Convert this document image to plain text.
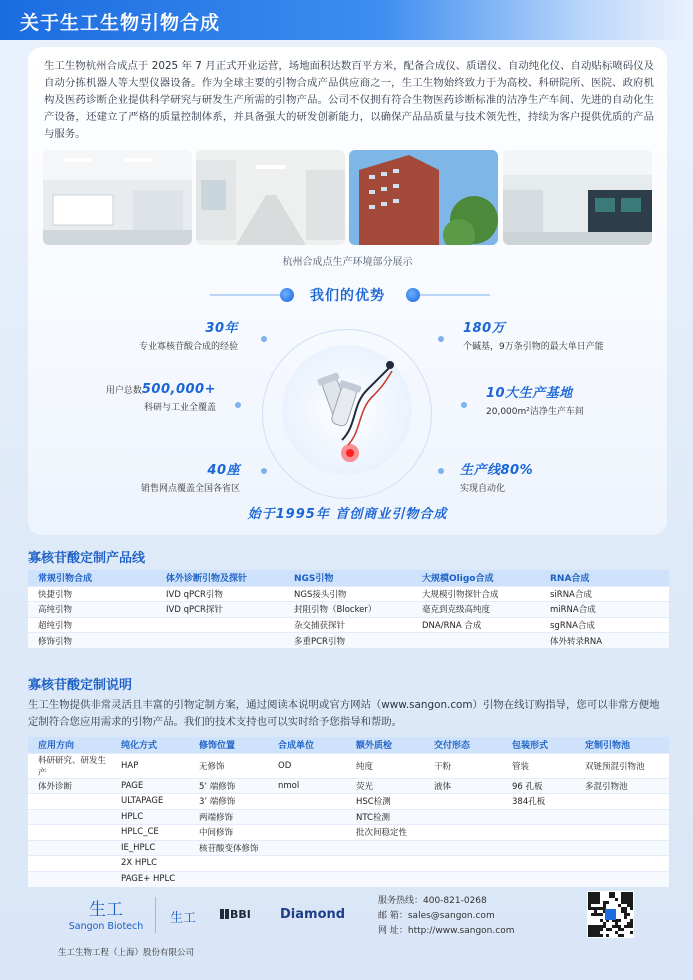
关于生工生物引物合成

生工生物杭州合成点于 2025 年 7 月正式开业运营，场地面积达数百平方米，配备合成仪、质谱仪、自动纯化仪、自动贴标喷码仪及自动分拣机器人等大型仪器设备。作为全球主要的引物合成产品供应商之一，生工生物始终致力于为高校、科研院所、医院、政府机构及医药诊断企业提供科学研究与研发生产所需的引物产品。公司不仅拥有符合生物医药诊断标准的洁净生产车间、先进的自动化生产设备，还建立了严格的质量控制体系，并具备强大的研发创新能力，以确保产品品质量与技术领先性，持续为客户提供优质的产品与服务。

杭州合成点生产环境部分展示
我们的优势
30年
专业寡核苷酸合成的经验
用户总数500,000+
科研与工业全覆盖
40座
销售网点覆盖全国各省区
180万
个碱基，9万条引物的最大单日产能
10大生产基地
20,000m²洁净生产车间
生产线80%
实现自动化
始于1995年 首创商业引物合成
寡核苷酸定制产品线
常规引物合成	体外诊断引物及探针	NGS引物	大规模Oligo合成	RNA合成
快捷引物	IVD qPCR引物	NGS接头引物	大规模引物探针合成	siRNA合成
高纯引物	IVD qPCR探针	封阻引物（Blocker）	毫克到克级高纯度	miRNA合成
超纯引物		杂交捕获探针	DNA/RNA 合成	sgRNA合成
修饰引物		多重PCR引物		体外转录RNA
寡核苷酸定制说明

生工生物提供非常灵活且丰富的引物定制方案，通过阅读本说明或官方网站（www.sangon.com）引物在线订购指导，您可以非常方便地定制符合您应用需求的引物产品。我们的技术支持也可以实时给予您指导和帮助。

应用方向	纯化方式	修饰位置	合成单位	额外质检	交付形态	包装形式	定制引物池
科研研究、研发生产	HAP	无修饰	OD	纯度	干粉	管装	双链预混引物池
体外诊断	PAGE	5’ 端修饰	nmol	荧光	液体	96 孔板	多混引物池
	ULTAPAGE	3’ 端修饰		HSC检测		384孔板	
	HPLC	两端修饰		NTC检测			
	HPLC_CE	中间修饰		批次间稳定性			
	IE_HPLC	核苷酸变体修饰					
	2X HPLC						
	PAGE+ HPLC						
生工
Sangon Biotech
生工	BBI Diamond
服务热线：400-821-0268
邮 箱：sales@sangon.com
网 址：http://www.sangon.com
生工生物工程（上海）股份有限公司
